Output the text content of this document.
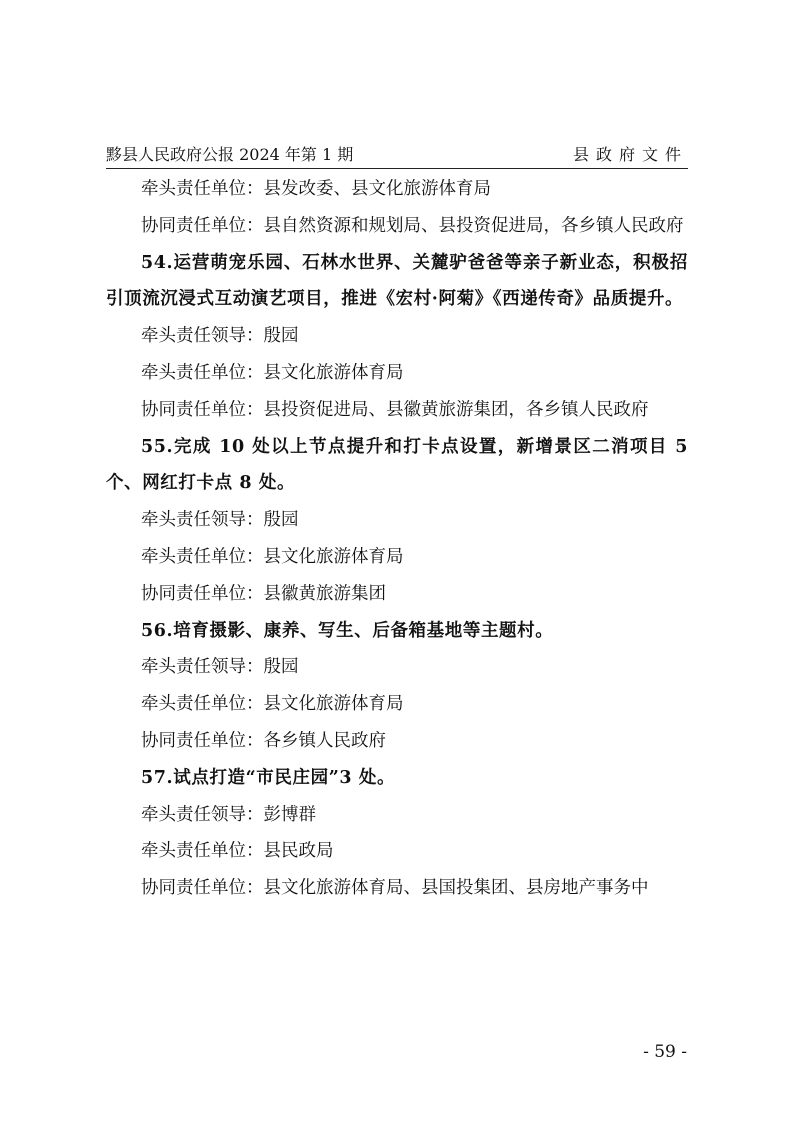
黟县人民政府公报 2024 年第 1 期	县政府文件

牵头责任单位：县发改委、县文化旅游体育局

协同责任单位：县自然资源和规划局、县投资促进局，各乡镇人民政府

54.运营萌宠乐园、石林水世界、关麓驴爸爸等亲子新业态，积极招引顶流沉浸式互动演艺项目，推进《宏村·阿菊》《西递传奇》品质提升。

牵头责任领导：殷园

牵头责任单位：县文化旅游体育局

协同责任单位：县投资促进局、县徽黄旅游集团，各乡镇人民政府

55.完成 10 处以上节点提升和打卡点设置，新增景区二消项目 5 个、网红打卡点 8 处。

牵头责任领导：殷园

牵头责任单位：县文化旅游体育局

协同责任单位：县徽黄旅游集团

56.培育摄影、康养、写生、后备箱基地等主题村。

牵头责任领导：殷园

牵头责任单位：县文化旅游体育局

协同责任单位：各乡镇人民政府

57.试点打造“市民庄园”3 处。

牵头责任领导：彭博群

牵头责任单位：县民政局

协同责任单位：县文化旅游体育局、县国投集团、县房地产事务中

- 59 -
